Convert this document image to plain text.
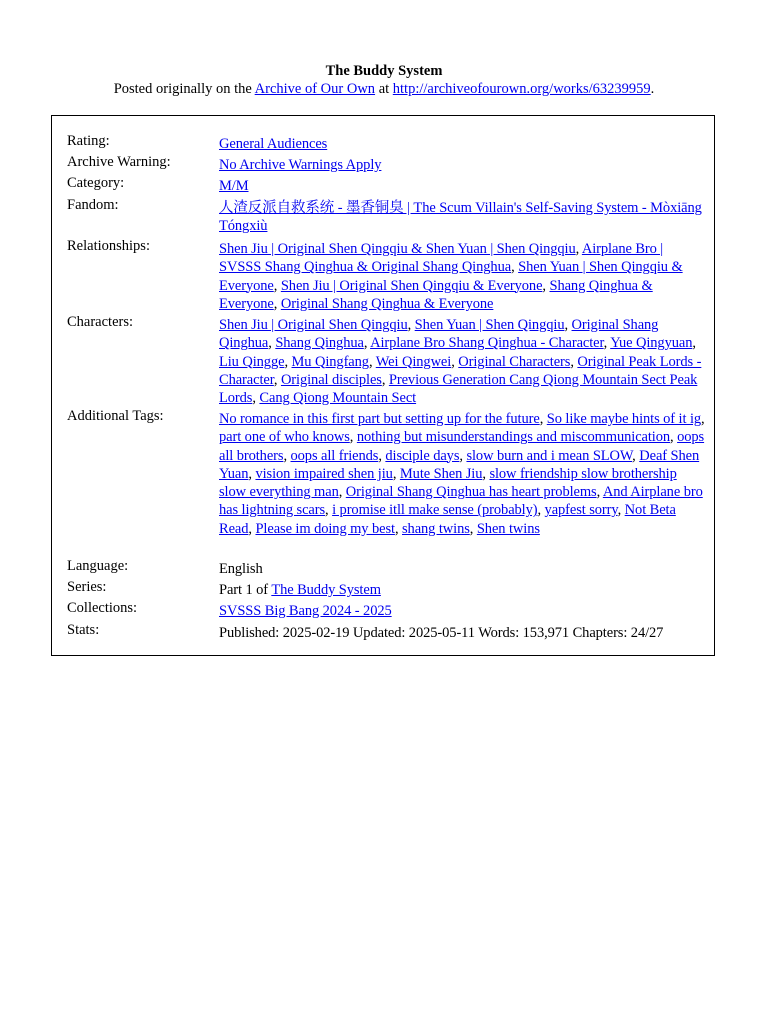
The Buddy System
Posted originally on the Archive of Our Own at http://archiveofourown.org/works/63239959.
Rating:	General Audiences
Archive Warning:	No Archive Warnings Apply
Category:	M/M
Fandom:	人渣反派自救系统 - 墨香铜臭 | The Scum Villain's Self-Saving System - Mòxiāng Tóngxiù
Relationships:	Shen Jiu | Original Shen Qingqiu & Shen Yuan | Shen Qingqiu, Airplane Bro | SVSSS Shang Qinghua & Original Shang Qinghua, Shen Yuan | Shen Qingqiu & Everyone, Shen Jiu | Original Shen Qingqiu & Everyone, Shang Qinghua & Everyone, Original Shang Qinghua & Everyone
Characters:	Shen Jiu | Original Shen Qingqiu, Shen Yuan | Shen Qingqiu, Original Shang Qinghua, Shang Qinghua, Airplane Bro Shang Qinghua - Character, Yue Qingyuan, Liu Qingge, Mu Qingfang, Wei Qingwei, Original Characters, Original Peak Lords - Character, Original disciples, Previous Generation Cang Qiong Mountain Sect Peak Lords, Cang Qiong Mountain Sect
Additional Tags:	No romance in this first part but setting up for the future, So like maybe hints of it ig, part one of who knows, nothing but misunderstandings and miscommunication, oops all brothers, oops all friends, disciple days, slow burn and i mean SLOW, Deaf Shen Yuan, vision impaired shen jiu, Mute Shen Jiu, slow friendship slow brothership slow everything man, Original Shang Qinghua has heart problems, And Airplane bro has lightning scars, i promise itll make sense (probably), yapfest sorry, Not Beta Read, Please im doing my best, shang twins, Shen twins
Language:	English
Series:	Part 1 of The Buddy System
Collections:	SVSSS Big Bang 2024 - 2025
Stats:	Published: 2025-02-19 Updated: 2025-05-11 Words: 153,971 Chapters: 24/27
